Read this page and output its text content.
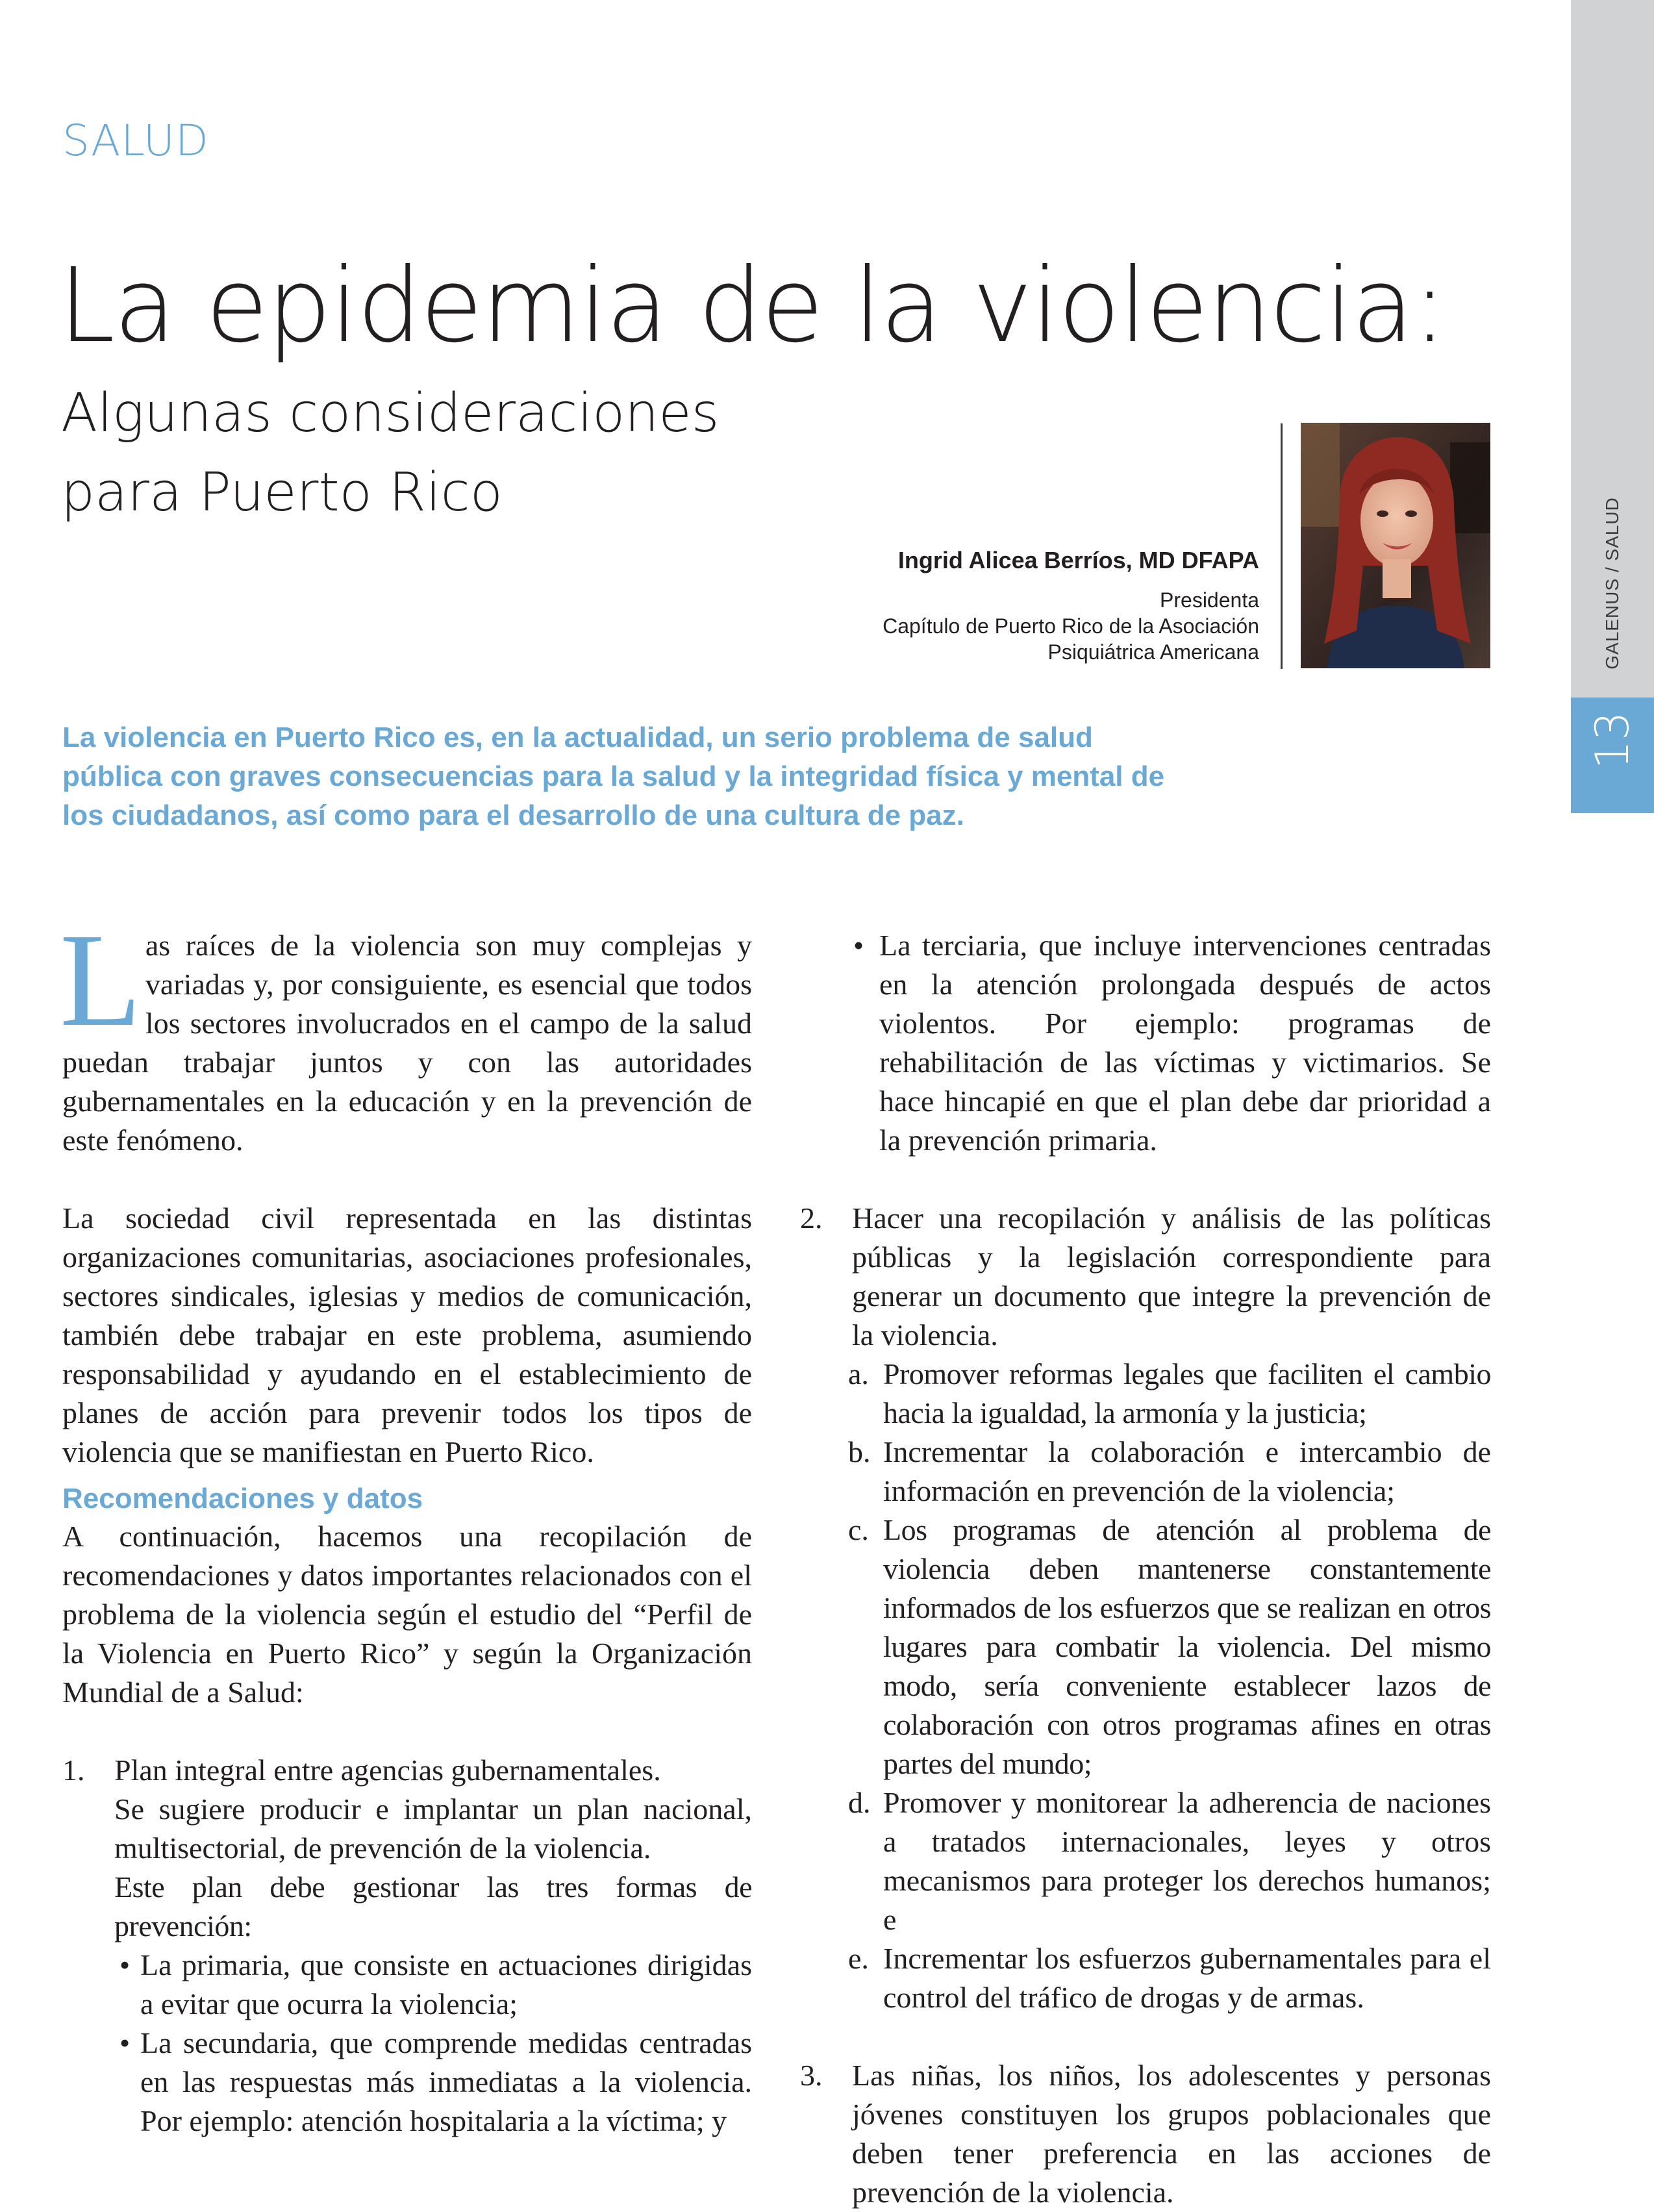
SALUD
La epidemia de la violencia:
Algunas consideraciones
para Puerto Rico
Ingrid Alicea Berríos, MD DFAPA
Presidenta
Capítulo de Puerto Rico de la Asociación
Psiquiátrica Americana
La violencia en Puerto Rico es, en la actualidad, un serio problema de salud pública con graves consecuencias para la salud y la integridad física y mental de los ciudadanos, así como para el desarrollo de una cultura de paz.

Las raíces de la violencia son muy complejas y variadas y, por consiguiente, es esencial que todos los sectores involucrados en el campo de la salud puedan trabajar juntos y con las autoridades gubernamentales en la educación y en la prevención de este fenómeno.

La sociedad civil representada en las distintas organizaciones comunitarias, asociaciones profesionales, sectores sindicales, iglesias y medios de comunicación, también debe trabajar en este problema, asumiendo responsabilidad y ayudando en el establecimiento de planes de acción para prevenir todos los tipos de violencia que se manifiestan en Puerto Rico.

Recomendaciones y datos

A continuación, hacemos una recopilación de recomendaciones y datos importantes relacionados con el problema de la violencia según el estudio del “Perfil de la Violencia en Puerto Rico” y según la Organización Mundial de a Salud:

1. Plan integral entre agencias gubernamentales.
Se sugiere producir e implantar un plan nacional, multisectorial, de prevención de la violencia.
Este plan debe gestionar las tres formas de prevención:
• La primaria, que consiste en actuaciones dirigidas a evitar que ocurra la violencia;
• La secundaria, que comprende medidas centradas en las respuestas más inmediatas a la violencia. Por ejemplo: atención hospitalaria a la víctima; y
• La terciaria, que incluye intervenciones centradas en la atención prolongada después de actos violentos. Por ejemplo: programas de rehabilitación de las víctimas y victimarios. Se hace hincapié en que el plan debe dar prioridad a la prevención primaria.
2. Hacer una recopilación y análisis de las políticas públicas y la legislación correspondiente para generar un documento que integre la prevención de la violencia.
a. Promover reformas legales que faciliten el cambio hacia la igualdad, la armonía y la justicia;
b. Incrementar la colaboración e intercambio de información en prevención de la violencia;
c. Los programas de atención al problema de violencia deben mantenerse constantemente informados de los esfuerzos que se realizan en otros lugares para combatir la violencia. Del mismo modo, sería conveniente establecer lazos de colaboración con otros programas afines en otras partes del mundo;
d. Promover y monitorear la adherencia de naciones a tratados internacionales, leyes y otros mecanismos para proteger los derechos humanos; e
e. Incrementar los esfuerzos gubernamentales para el control del tráfico de drogas y de armas.
3. Las niñas, los niños, los adolescentes y personas jóvenes constituyen los grupos poblacionales que deben tener preferencia en las acciones de prevención de la violencia.
GALENUS / SALUD
13
